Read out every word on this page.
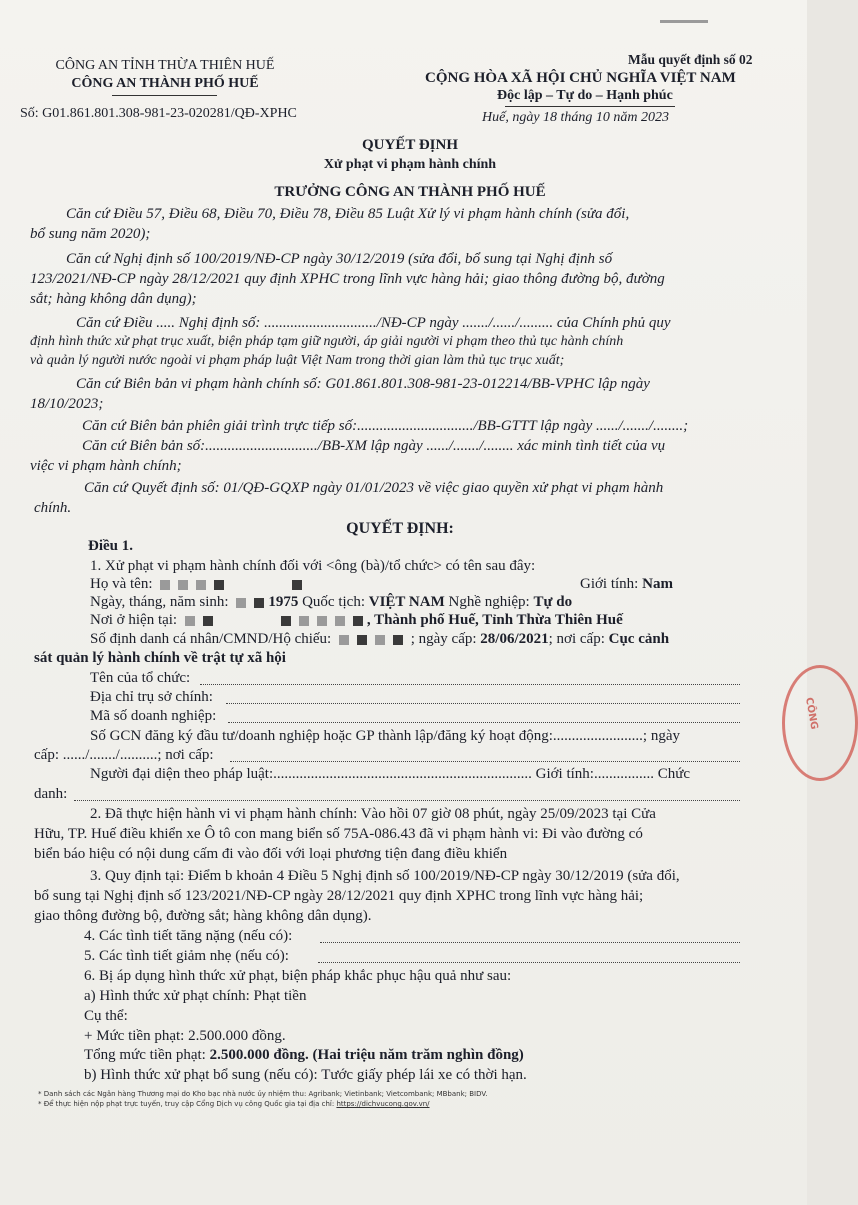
CÔNG AN TỈNH THỪA THIÊN HUẾ
CÔNG AN THÀNH PHỐ HUẾ
Số: G01.861.801.308-981-23-020281/QĐ-XPHC
Mẫu quyết định số 02
CỘNG HÒA XÃ HỘI CHỦ NGHĨA VIỆT NAM
Độc lập – Tự do – Hạnh phúc
Huế, ngày 18 tháng 10 năm 2023
QUYẾT ĐỊNH
Xử phạt vi phạm hành chính
TRƯỞNG CÔNG AN THÀNH PHỐ HUẾ
Căn cứ Điều 57, Điều 68, Điều 70, Điều 78, Điều 85 Luật Xử lý vi phạm hành chính (sửa đổi,
bổ sung năm 2020);
Căn cứ Nghị định số 100/2019/NĐ-CP ngày 30/12/2019 (sửa đổi, bổ sung tại Nghị định số
123/2021/NĐ-CP ngày 28/12/2021 quy định XPHC trong lĩnh vực hàng hải; giao thông đường bộ, đường
sắt; hàng không dân dụng);
Căn cứ Điều ..... Nghị định số: ............................../NĐ-CP ngày ......./....../......... của Chính phủ quy
định hình thức xử phạt trục xuất, biện pháp tạm giữ người, áp giải người vi phạm theo thủ tục hành chính
và quản lý người nước ngoài vi phạm pháp luật Việt Nam trong thời gian làm thủ tục trục xuất;
Căn cứ Biên bản vi phạm hành chính số: G01.861.801.308-981-23-012214/BB-VPHC lập ngày
18/10/2023;
Căn cứ Biên bản phiên giải trình trực tiếp số:.............................../BB-GTTT lập ngày ....../......./........;
Căn cứ Biên bản số:............................../BB-XM lập ngày ....../......./........ xác minh tình tiết của vụ
việc vi phạm hành chính;
Căn cứ Quyết định số: 01/QĐ-GQXP ngày 01/01/2023 về việc giao quyền xử phạt vi phạm hành
chính.
QUYẾT ĐỊNH:
Điều 1.
1. Xử phạt vi phạm hành chính đối với <ông (bà)/tổ chức> có tên sau đây:
Họ và tên:	Giới tính: Nam
Ngày, tháng, năm sinh:	1975 Quốc tịch: VIỆT NAM Nghề nghiệp: Tự do
Nơi ở hiện tại:	, Thành phố Huế, Tỉnh Thừa Thiên Huế
Số định danh cá nhân/CMND/Hộ chiếu:	; ngày cấp: 28/06/2021; nơi cấp: Cục cảnh
sát quản lý hành chính về trật tự xã hội
Tên của tổ chức:
Địa chỉ trụ sở chính:
Mã số doanh nghiệp:
Số GCN đăng ký đầu tư/doanh nghiệp hoặc GP thành lập/đăng ký hoạt động:........................; ngày
cấp: ....../......./..........; nơi cấp:
Người đại diện theo pháp luật:..................................................................... Giới tính:................ Chức
danh:
2. Đã thực hiện hành vi vi phạm hành chính: Vào hồi 07 giờ 08 phút, ngày 25/09/2023 tại Cửa
Hữu, TP. Huế điều khiển xe Ô tô con mang biển số 75A-086.43 đã vi phạm hành vi: Đi vào đường có
biển báo hiệu có nội dung cấm đi vào đối với loại phương tiện đang điều khiển
3. Quy định tại: Điểm b khoản 4 Điều 5 Nghị định số 100/2019/NĐ-CP ngày 30/12/2019 (sửa đổi,
bổ sung tại Nghị định số 123/2021/NĐ-CP ngày 28/12/2021 quy định XPHC trong lĩnh vực hàng hải;
giao thông đường bộ, đường sắt; hàng không dân dụng).
4. Các tình tiết tăng nặng (nếu có):
5. Các tình tiết giảm nhẹ (nếu có):
6. Bị áp dụng hình thức xử phạt, biện pháp khắc phục hậu quả như sau:
a) Hình thức xử phạt chính: Phạt tiền
Cụ thể:
+ Mức tiền phạt: 2.500.000 đồng.
Tổng mức tiền phạt: 2.500.000 đồng. (Hai triệu năm trăm nghìn đồng)
b) Hình thức xử phạt bổ sung (nếu có): Tước giấy phép lái xe có thời hạn.
* Danh sách các Ngân hàng Thương mại do Kho bạc nhà nước ủy nhiệm thu: Agribank; Vietinbank; Vietcombank; MBbank; BIDV.
* Để thực hiện nộp phạt trực tuyến, truy cập Cổng Dịch vụ công Quốc gia tại địa chỉ: https://dichvucong.gov.vn/
CÔNG
